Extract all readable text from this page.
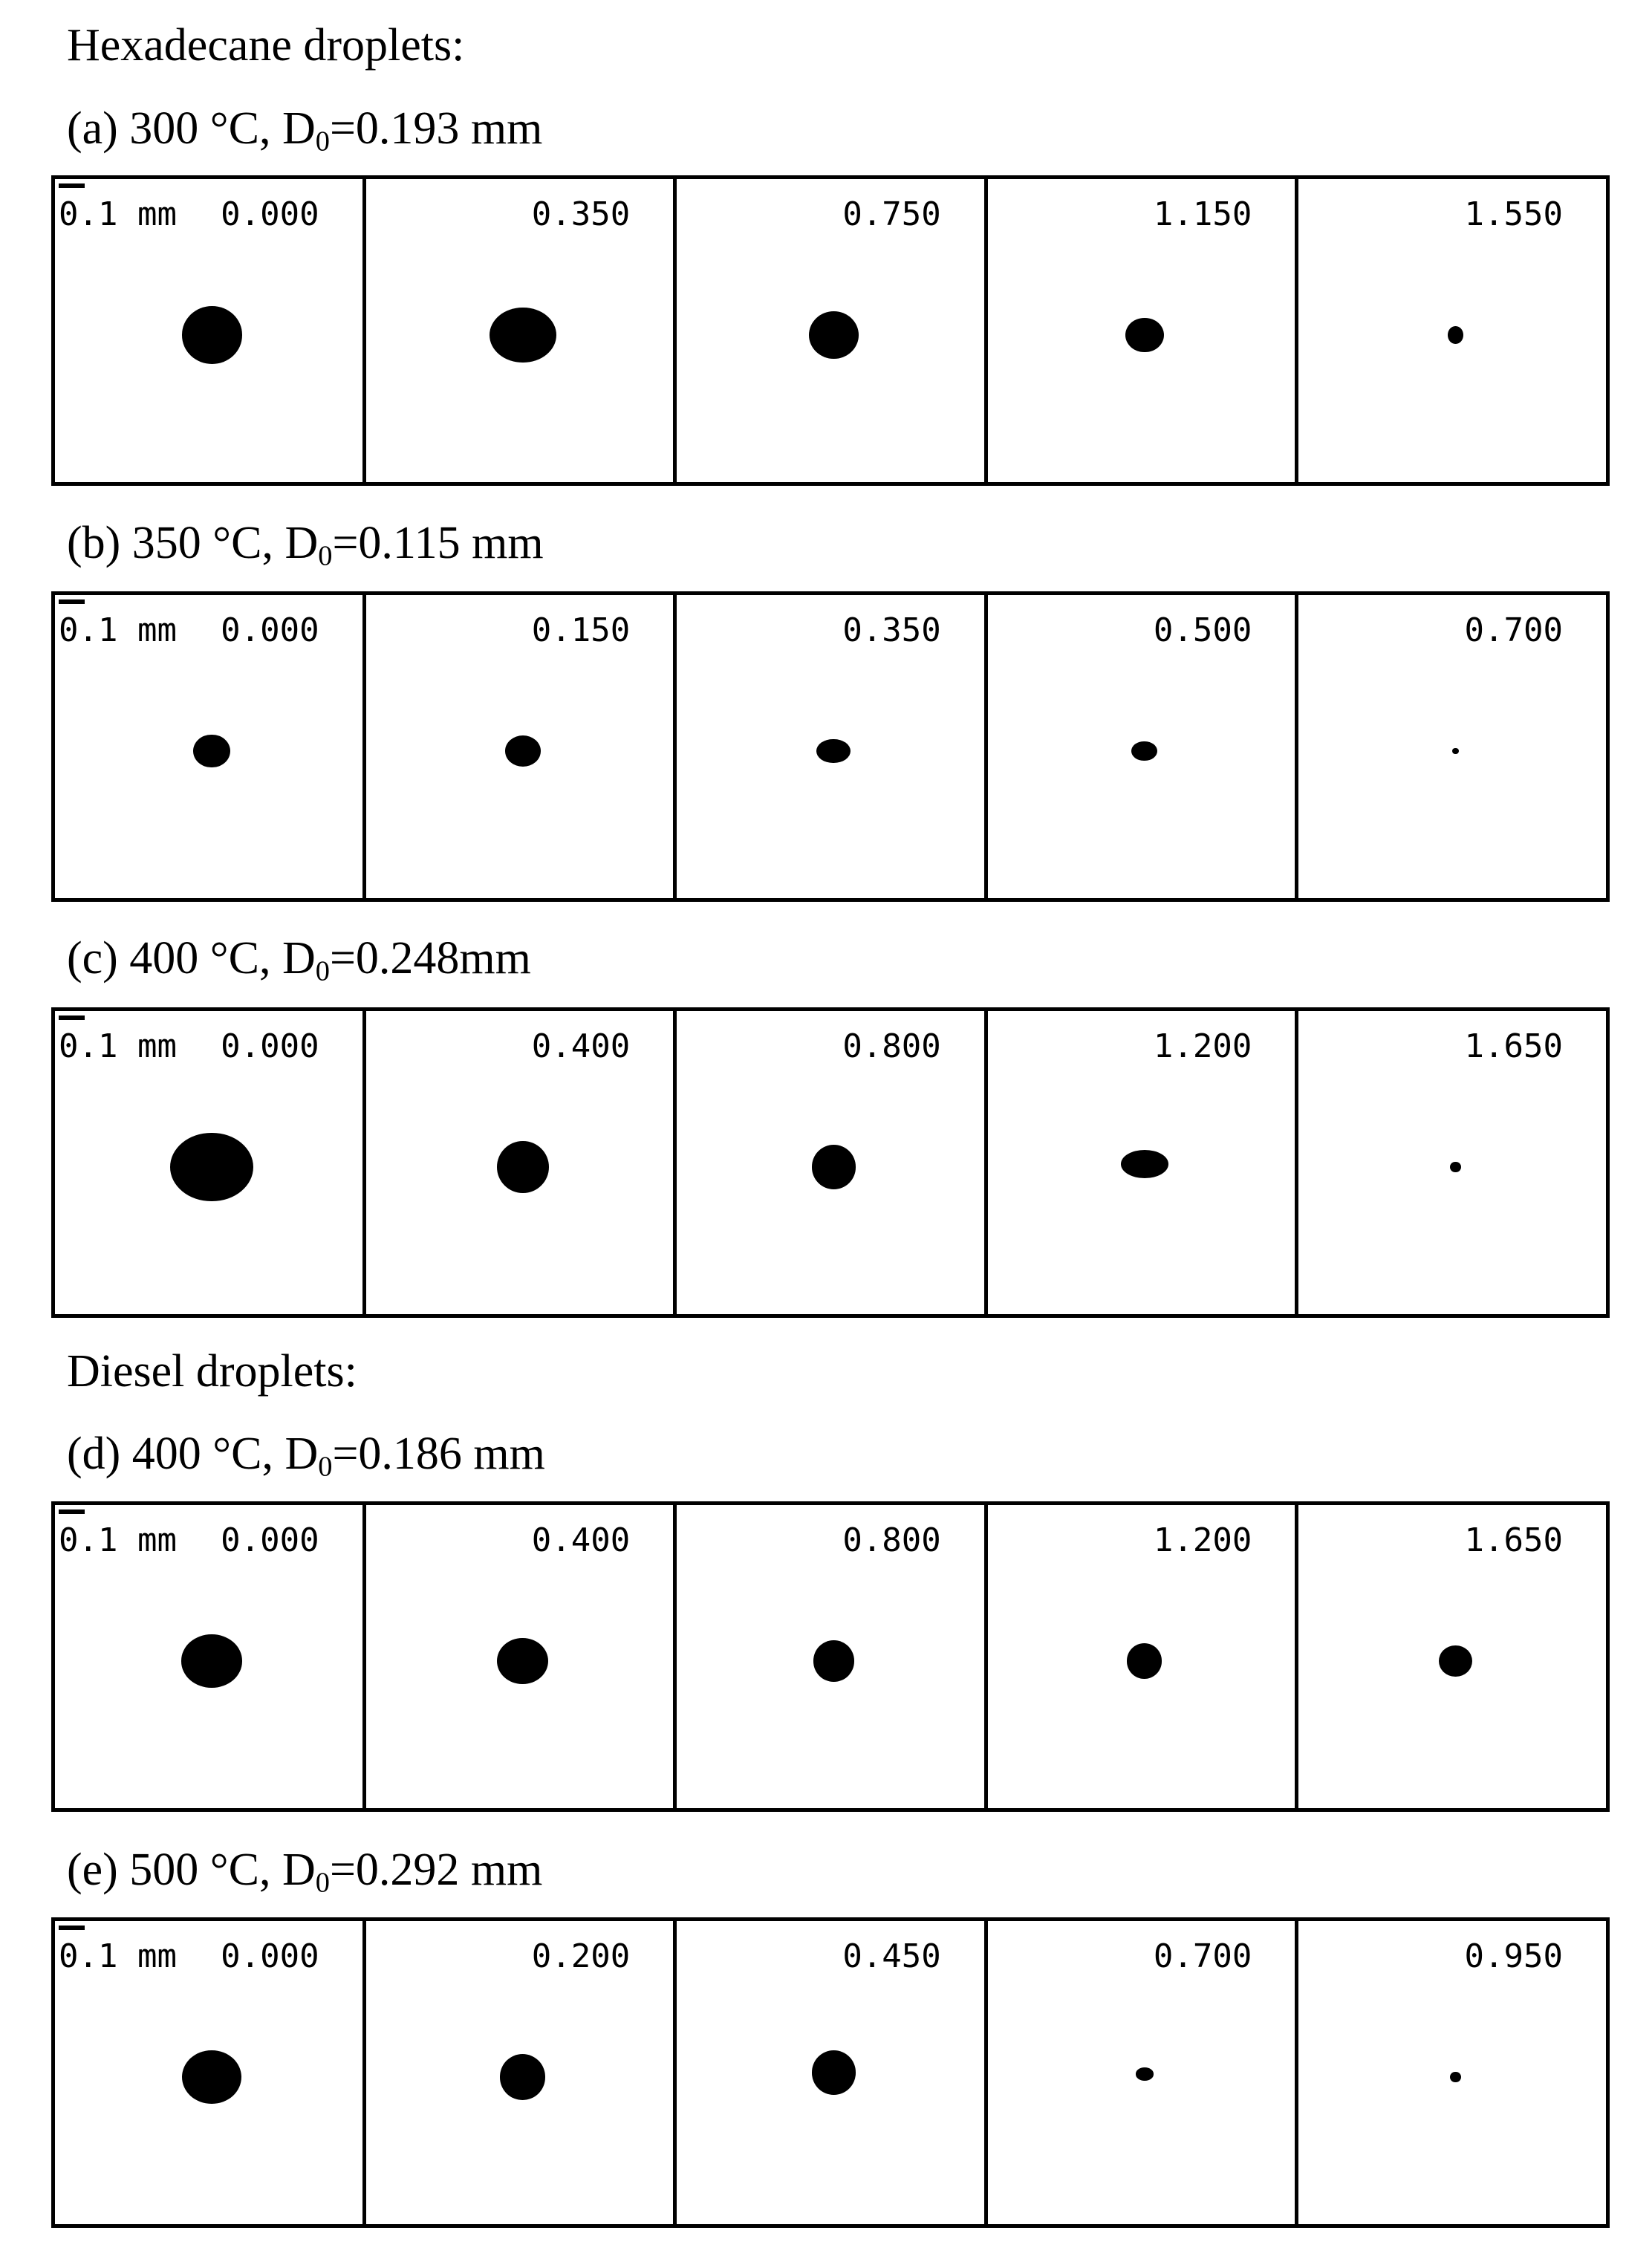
Hexadecane droplets:
Diesel droplets:
(a) 300 °C, $D_0=0.193$ mm
0.1 mm 0.000	0.350	0.750	1.150	1.550
(b) 350 °C, $D_0=0.115$ mm
0.1 mm 0.000	0.150	0.350	0.500	0.700
(c) 400 °C, $D_0=0.248mm$
0.1 mm 0.000	0.400	0.800	1.200	1.650
(d) 400 °C, $D_0=0.186$ mm
0.1 mm 0.000	0.400	0.800	1.200	1.650
(e) 500 °C, $D_0=0.292$ mm
0.1 mm 0.000	0.200	0.450	0.700	0.950
